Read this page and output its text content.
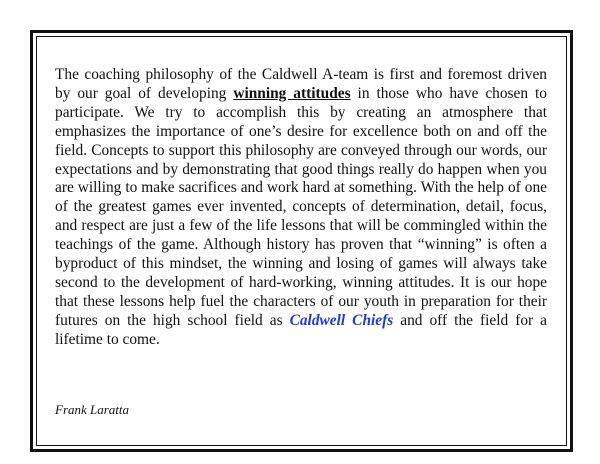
The coaching philosophy of the Caldwell A-team is first and foremost driven by our goal of developing winning attitudes in those who have chosen to participate. We try to accomplish this by creating an atmosphere that emphasizes the importance of one’s desire for excellence both on and off the field. Concepts to support this philosophy are conveyed through our words, our expectations and by demonstrating that good things really do happen when you are willing to make sacrifices and work hard at something. With the help of one of the greatest games ever invented, concepts of determination, detail, focus, and respect are just a few of the life lessons that will be commingled within the teachings of the game. Although history has proven that “winning” is often a byproduct of this mindset, the winning and losing of games will always take second to the development of hard-working, winning attitudes. It is our hope that these lessons help fuel the characters of our youth in preparation for their futures on the high school field as Caldwell Chiefs and off the field for a lifetime to come.

Frank Laratta
